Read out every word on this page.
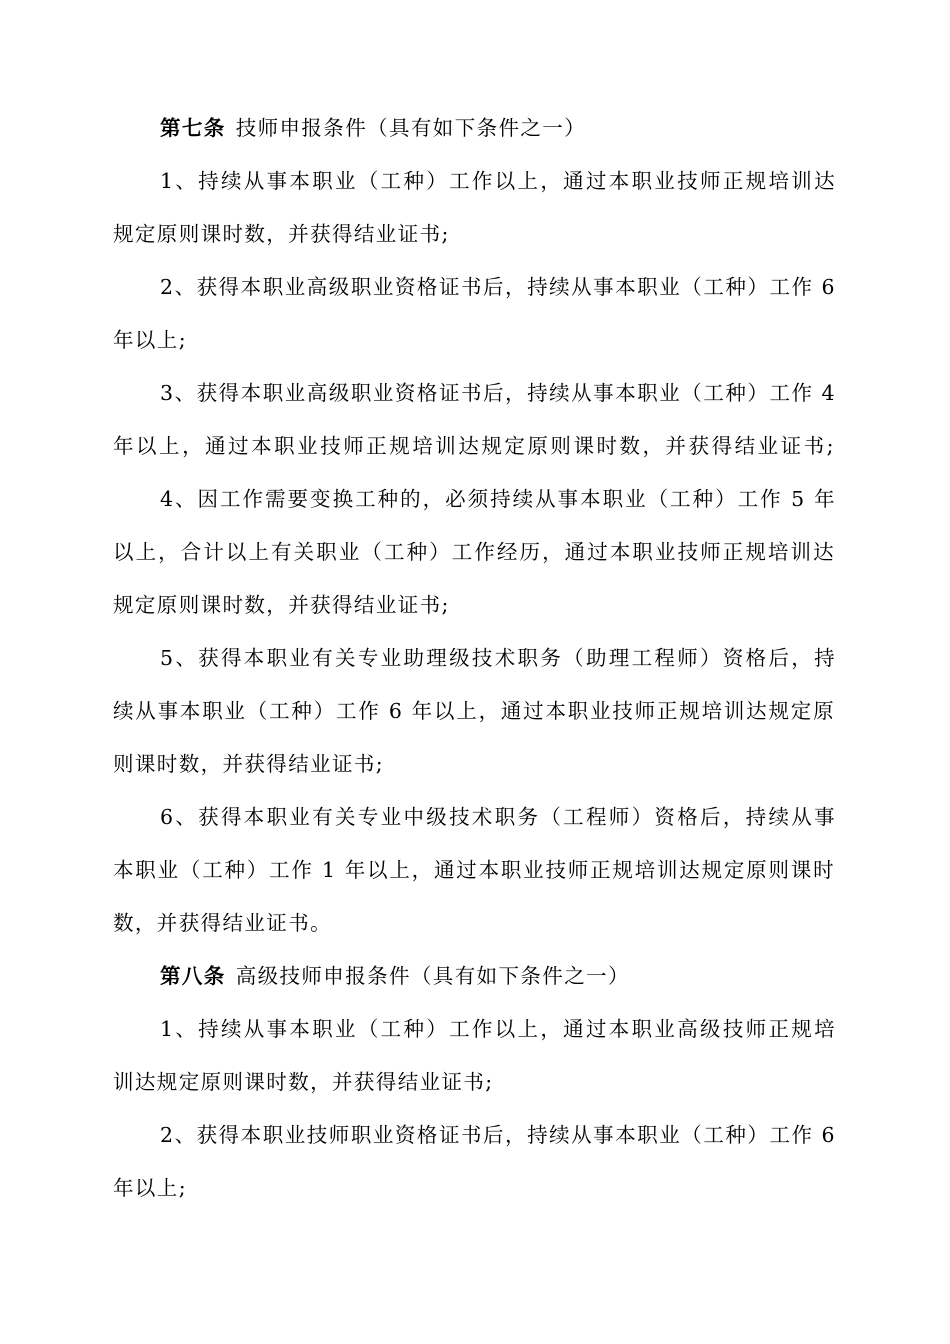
第七条 技师申报条件（具有如下条件之一）
1、持续从事本职业（工种）工作以上，通过本职业技师正规培训达
规定原则课时数，并获得结业证书;
2、获得本职业高级职业资格证书后，持续从事本职业（工种）工作 6
年以上;
3、获得本职业高级职业资格证书后，持续从事本职业（工种）工作 4
年以上，通过本职业技师正规培训达规定原则课时数，并获得结业证书;
4、因工作需要变换工种的，必须持续从事本职业（工种）工作 5 年
以上，合计以上有关职业（工种）工作经历，通过本职业技师正规培训达
规定原则课时数，并获得结业证书;
5、获得本职业有关专业助理级技术职务（助理工程师）资格后，持
续从事本职业（工种）工作 6 年以上，通过本职业技师正规培训达规定原
则课时数，并获得结业证书;
6、获得本职业有关专业中级技术职务（工程师）资格后，持续从事
本职业（工种）工作 1 年以上，通过本职业技师正规培训达规定原则课时
数，并获得结业证书。
第八条 高级技师申报条件（具有如下条件之一）
1、持续从事本职业（工种）工作以上，通过本职业高级技师正规培
训达规定原则课时数，并获得结业证书;
2、获得本职业技师职业资格证书后，持续从事本职业（工种）工作 6
年以上;
